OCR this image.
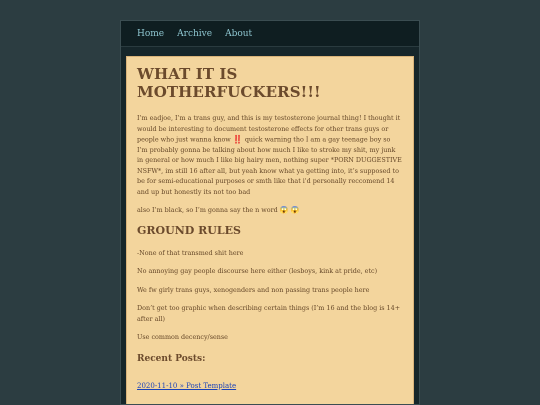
Home Archive About
WHAT IT IS MOTHERFUCKERS!!!

I’m eadjoe, I’m a trans guy, and this is my testosterone journal thing! I thought it would be interesting to document testosterone effects for other trans guys or people who just wanna know ‼️ quick warning tho I am a gay teenage boy so I’m probably gonna be talking about how much I like to stroke my shit, my junk in general or how much I like big hairy men, nothing super *PORN DUGGESTIVE NSFW*, im still 16 after all, but yeah know what ya getting into, it’s supposed to be for semi-educational purposes or smth like that i'd personally reccomend 14 and up but honestly its not too bad

also I’m black, so I’m gonna say the n word 😱 😱

GROUND RULES

-None of that transmed shit here

No annoying gay people discourse here either (lesboys, kink at pride, etc)

We fw girly trans guys, xenogenders and non passing trans people here

Don’t get too graphic when describing certain things (I’m 16 and the blog is 14+ after all)

Use common decency/sense

Recent Posts:
2020-11-10 » Post Template
